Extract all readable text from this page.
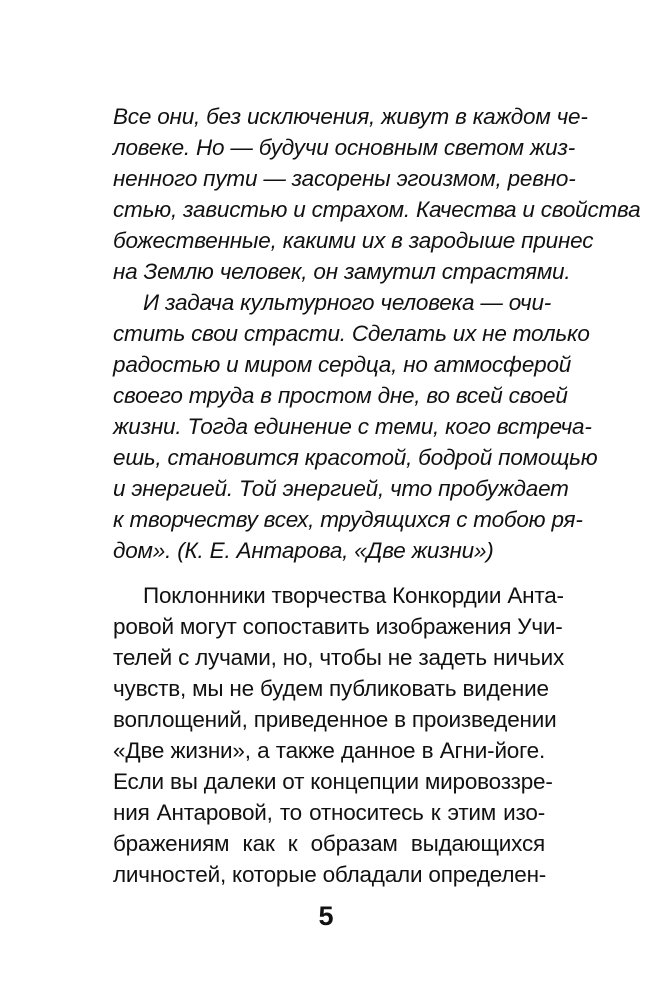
Все они, без исключения, живут в каждом че-
ловеке. Но — будучи основным светом жиз-
ненного пути — засорены эгоизмом, ревно-
стью, завистью и страхом. Качества и свойства
божественные, какими их в зародыше принес
на Землю человек, он замутил страстями.
И задача культурного человека — очи-
стить свои страсти. Сделать их не только
радостью и миром сердца, но атмосферой
своего труда в простом дне, во всей своей
жизни. Тогда единение с теми, кого встреча-
ешь, становится красотой, бодрой помощью
и энергией. Той энергией, что пробуждает
к творчеству всех, трудящихся с тобою ря-
дом». (К. Е. Антарова, «Две жизни»)
Поклонники творчества Конкордии Анта-
ровой могут сопоставить изображения Учи-
телей с лучами, но, чтобы не задеть ничьих
чувств, мы не будем публиковать видение
воплощений, приведенное в произведении
«Две жизни», а также данное в Агни-йоге.
Если вы далеки от концепции мировоззре-
ния Антаровой, то относитесь к этим изо-
бражениям как к образам выдающихся
личностей, которые обладали определен-
5
